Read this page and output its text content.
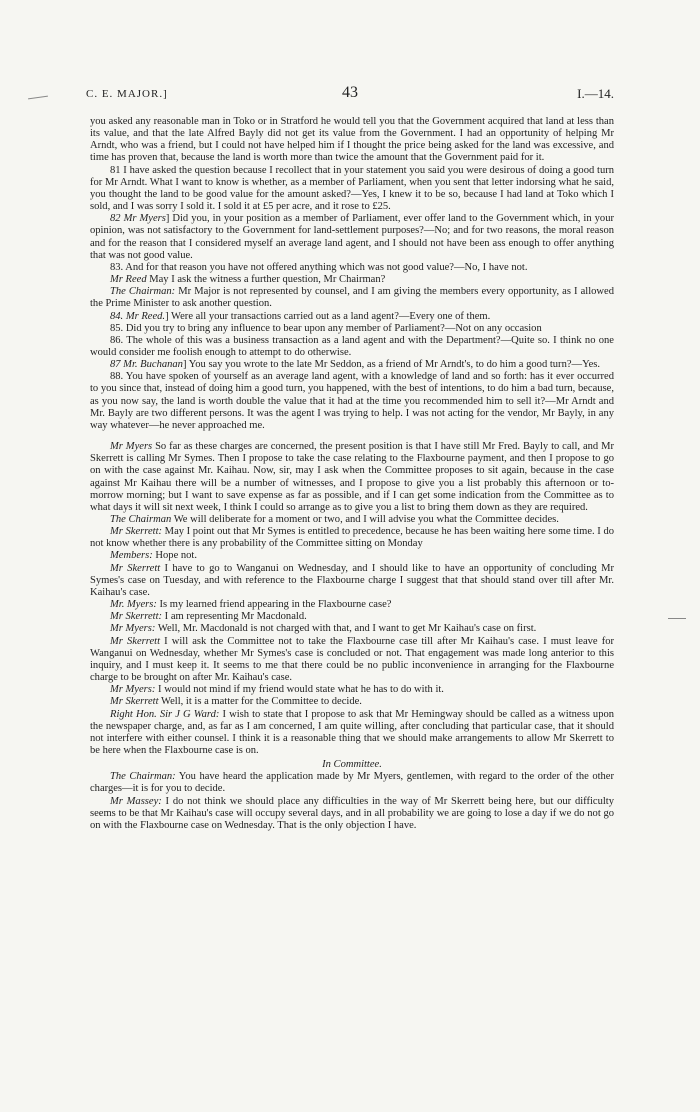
C. E. MAJOR.]	43	I.—14.

you asked any reasonable man in Toko or in Stratford he would tell you that the Government acquired that land at less than its value, and that the late Alfred Bayly did not get its value from the Government. I had an opportunity of helping Mr Arndt, who was a friend, but I could not have helped him if I thought the price being asked for the land was excessive, and time has proven that, because the land is worth more than twice the amount that the Government paid for it.

81 I have asked the question because I recollect that in your statement you said you were desirous of doing a good turn for Mr Arndt. What I want to know is whether, as a member of Parliament, when you sent that letter indorsing what he said, you thought the land to be good value for the amount asked?—Yes, I knew it to be so, because I had land at Toko which I sold, and I was sorry I sold it. I sold it at £5 per acre, and it rose to £25.

82 Mr Myers] Did you, in your position as a member of Parliament, ever offer land to the Government which, in your opinion, was not satisfactory to the Government for land-settlement purposes?—No; and for two reasons, the moral reason and for the reason that I considered myself an average land agent, and I should not have been ass enough to offer anything that was not good value.

83. And for that reason you have not offered anything which was not good value?—No, I have not.

Mr Reed May I ask the witness a further question, Mr Chairman?

The Chairman: Mr Major is not represented by counsel, and I am giving the members every opportunity, as I allowed the Prime Minister to ask another question.

84. Mr Reed.] Were all your transactions carried out as a land agent?—Every one of them.

85. Did you try to bring any influence to bear upon any member of Parliament?—Not on any occasion

86. The whole of this was a business transaction as a land agent and with the Department?—Quite so. I think no one would consider me foolish enough to attempt to do otherwise.

87 Mr. Buchanan] You say you wrote to the late Mr Seddon, as a friend of Mr Arndt's, to do him a good turn?—Yes.

88. You have spoken of yourself as an average land agent, with a knowledge of land and so forth: has it ever occurred to you since that, instead of doing him a good turn, you happened, with the best of intentions, to do him a bad turn, because, as you now say, the land is worth double the value that it had at the time you recommended him to sell it?—Mr Arndt and Mr. Bayly are two different persons. It was the agent I was trying to help. I was not acting for the vendor, Mr Bayly, in any way whatever—he never approached me.

Mr Myers So far as these charges are concerned, the present position is that I have still Mr Fred. Bayly to call, and Mr Skerrett is calling Mr Symes. Then I propose to take the case relating to the Flaxbourne payment, and then I propose to go on with the case against Mr. Kaihau. Now, sir, may I ask when the Committee proposes to sit again, because in the case against Mr Kaihau there will be a number of witnesses, and I propose to give you a list probably this afternoon or to-morrow morning; but I want to save expense as far as possible, and if I can get some indication from the Committee as to what days it will sit next week, I think I could so arrange as to give you a list to bring them down as they are required.

The Chairman We will deliberate for a moment or two, and I will advise you what the Committee decides.

Mr Skerrett: May I point out that Mr Symes is entitled to precedence, because he has been waiting here some time. I do not know whether there is any probability of the Committee sitting on Monday

Members: Hope not.

Mr Skerrett I have to go to Wanganui on Wednesday, and I should like to have an opportunity of concluding Mr Symes's case on Tuesday, and with reference to the Flaxbourne charge I suggest that that should stand over till after Mr. Kaihau's case.

Mr. Myers: Is my learned friend appearing in the Flaxbourne case?

Mr Skerrett: I am representing Mr Macdonald.

Mr Myers: Well, Mr. Macdonald is not charged with that, and I want to get Mr Kaihau's case on first.

Mr Skerrett I will ask the Committee not to take the Flaxbourne case till after Mr Kaihau's case. I must leave for Wanganui on Wednesday, whether Mr Symes's case is concluded or not. That engagement was made long anterior to this inquiry, and I must keep it. It seems to me that there could be no public inconvenience in arranging for the Flaxbourne charge to be brought on after Mr. Kaihau's case.

Mr Myers: I would not mind if my friend would state what he has to do with it.

Mr Skerrett Well, it is a matter for the Committee to decide.

Right Hon. Sir J G Ward: I wish to state that I propose to ask that Mr Hemingway should be called as a witness upon the newspaper charge, and, as far as I am concerned, I am quite willing, after concluding that particular case, that it should not interfere with either counsel. I think it is a reasonable thing that we should make arrangements to allow Mr Skerrett to be here when the Flaxbourne case is on.

In Committee.

The Chairman: You have heard the application made by Mr Myers, gentlemen, with regard to the order of the other charges—it is for you to decide.

Mr Massey: I do not think we should place any difficulties in the way of Mr Skerrett being here, but our difficulty seems to be that Mr Kaihau's case will occupy several days, and in all probability we are going to lose a day if we do not go on with the Flaxbourne case on Wednesday. That is the only objection I have.
